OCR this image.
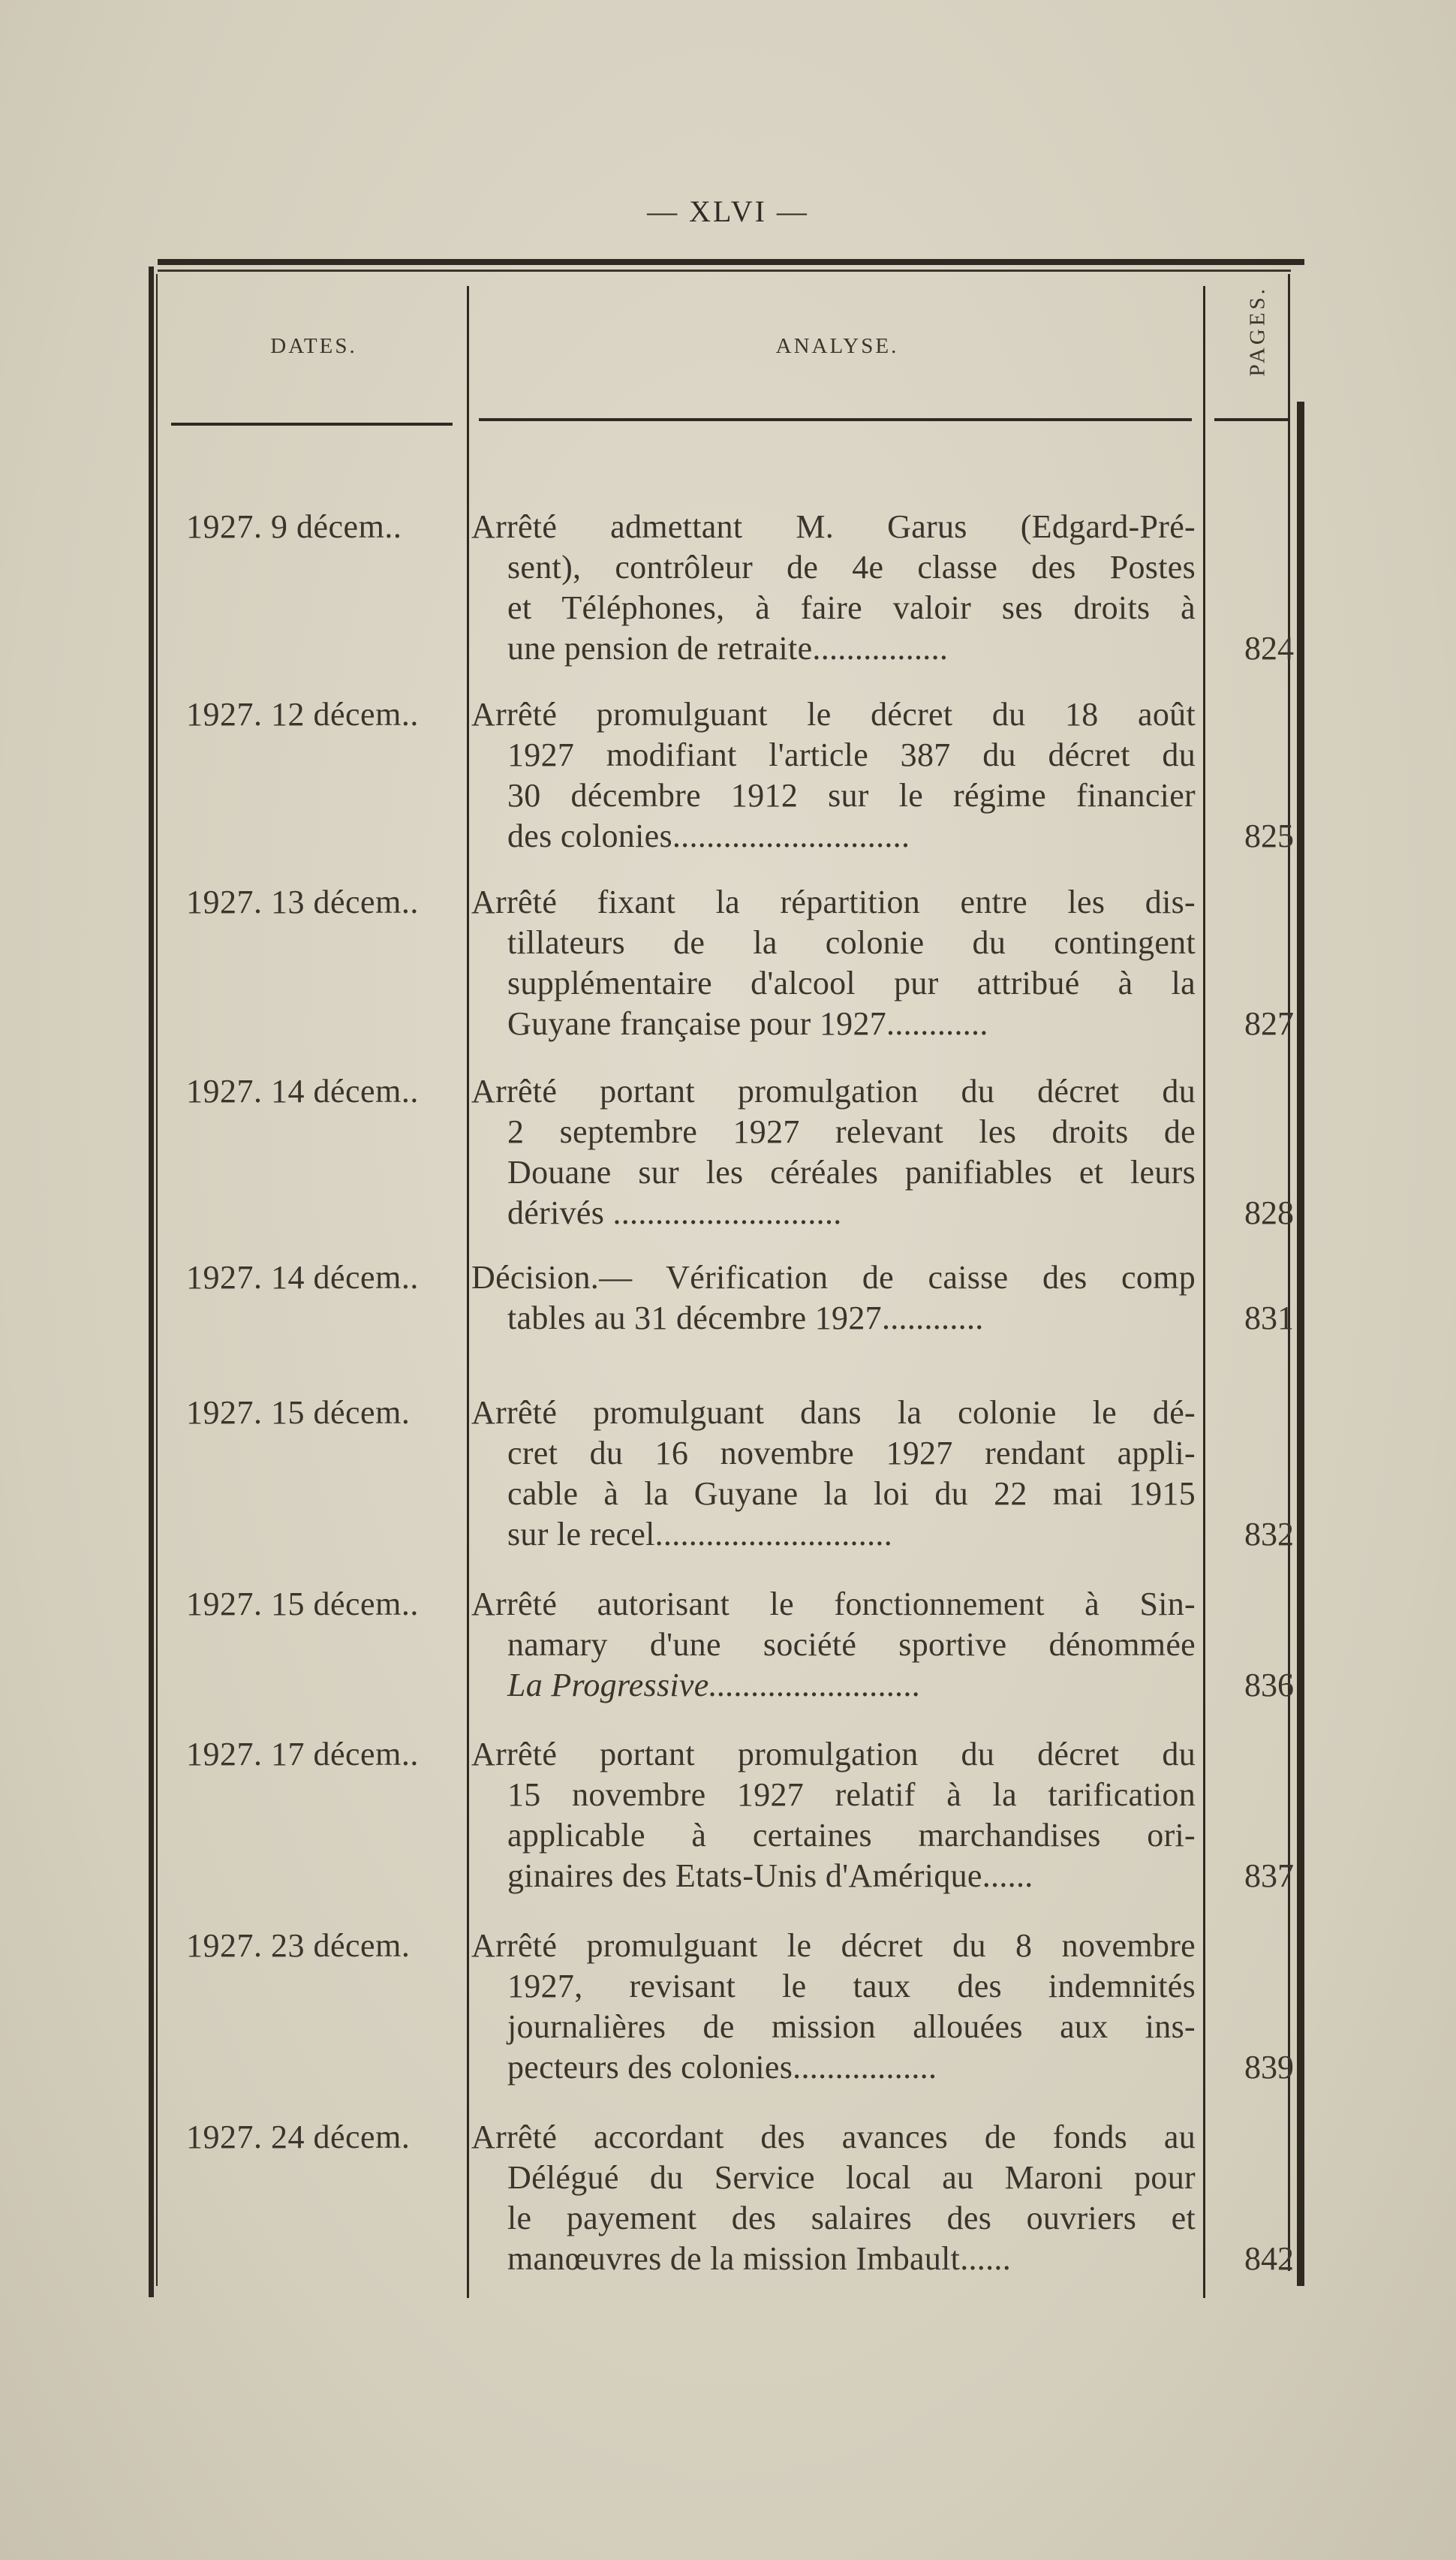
— XLVI —
DATES.	ANALYSE.	PAGES.
1927. 9 décem..	Arrêté admettant M. Garus (Edgard-Pré-
sent), contrôleur de 4e classe des Postes
et Téléphones, à faire valoir ses droits à
une pension de retraite................	824
1927. 12 décem..	Arrêté promulguant le décret du 18 août
1927 modifiant l'article 387 du décret du
30 décembre 1912 sur le régime financier
des colonies............................	825
1927. 13 décem..	Arrêté fixant la répartition entre les dis-
tillateurs de la colonie du contingent
supplémentaire d'alcool pur attribué à la
Guyane française pour 1927............	827
1927. 14 décem..	Arrêté portant promulgation du décret du
2 septembre 1927 relevant les droits de
Douane sur les céréales panifiables et leurs
dérivés ...........................	828
1927. 14 décem..	Décision.— Vérification de caisse des comp
tables au 31 décembre 1927............	831
1927. 15 décem.	Arrêté promulguant dans la colonie le dé-
cret du 16 novembre 1927 rendant appli-
cable à la Guyane la loi du 22 mai 1915
sur le recel............................	832
1927. 15 décem..	Arrêté autorisant le fonctionnement à Sin-
namary d'une société sportive dénommée
La Progressive.........................	836
1927. 17 décem..	Arrêté portant promulgation du décret du
15 novembre 1927 relatif à la tarification
applicable à certaines marchandises ori-
ginaires des Etats-Unis d'Amérique......	837
1927. 23 décem.	Arrêté promulguant le décret du 8 novembre
1927, revisant le taux des indemnités
journalières de mission allouées aux ins-
pecteurs des colonies.................	839
1927. 24 décem.	Arrêté accordant des avances de fonds au
Délégué du Service local au Maroni pour
le payement des salaires des ouvriers et
manœuvres de la mission Imbault......	842
